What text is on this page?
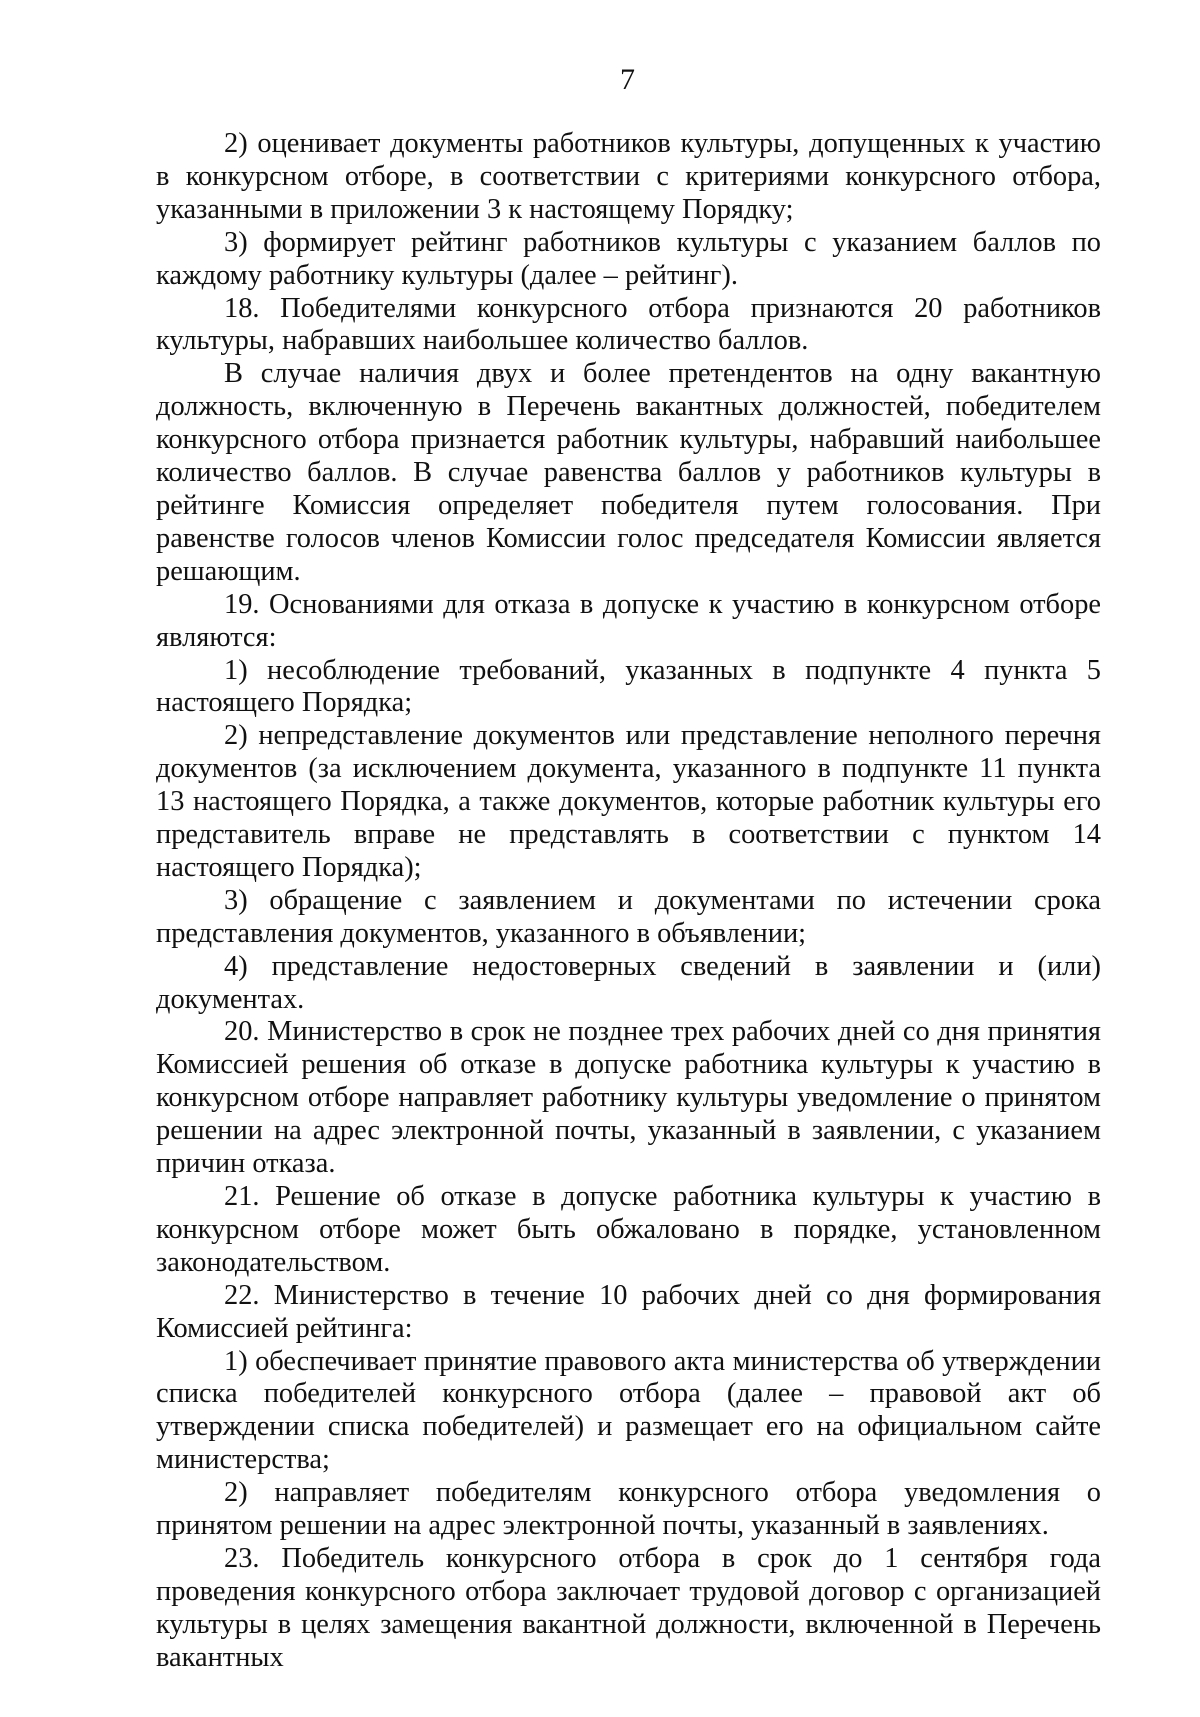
7

2) оценивает документы работников культуры, допущенных к участию в конкурсном отборе, в соответствии с критериями конкурсного отбора, указанными в приложении 3 к настоящему Порядку;

3) формирует рейтинг работников культуры с указанием баллов по каждому работнику культуры (далее – рейтинг).

18. Победителями конкурсного отбора признаются 20 работников культуры, набравших наибольшее количество баллов.

В случае наличия двух и более претендентов на одну вакантную должность, включенную в Перечень вакантных должностей, победителем конкурсного отбора признается работник культуры, набравший наибольшее количество баллов. В случае равенства баллов у работников культуры в рейтинге Комиссия определяет победителя путем голосования. При равенстве голосов членов Комиссии голос председателя Комиссии является решающим.

19. Основаниями для отказа в допуске к участию в конкурсном отборе являются:

1) несоблюдение требований, указанных в подпункте 4 пункта 5 настоящего Порядка;

2) непредставление документов или представление неполного перечня документов (за исключением документа, указанного в подпункте 11 пункта 13 настоящего Порядка, а также документов, которые работник культуры его представитель вправе не представлять в соответствии с пунктом 14 настоящего Порядка);

3) обращение с заявлением и документами по истечении срока представления документов, указанного в объявлении;

4) представление недостоверных сведений в заявлении и (или) документах.

20. Министерство в срок не позднее трех рабочих дней со дня принятия Комиссией решения об отказе в допуске работника культуры к участию в конкурсном отборе направляет работнику культуры уведомление о принятом решении на адрес электронной почты, указанный в заявлении, с указанием причин отказа.

21. Решение об отказе в допуске работника культуры к участию в конкурсном отборе может быть обжаловано в порядке, установленном законодательством.

22. Министерство в течение 10 рабочих дней со дня формирования Комиссией рейтинга:

1) обеспечивает принятие правового акта министерства об утверждении списка победителей конкурсного отбора (далее – правовой акт об утверждении списка победителей) и размещает его на официальном сайте министерства;

2) направляет победителям конкурсного отбора уведомления о принятом решении на адрес электронной почты, указанный в заявлениях.

23. Победитель конкурсного отбора в срок до 1 сентября года проведения конкурсного отбора заключает трудовой договор с организацией культуры в целях замещения вакантной должности, включенной в Перечень вакантных
